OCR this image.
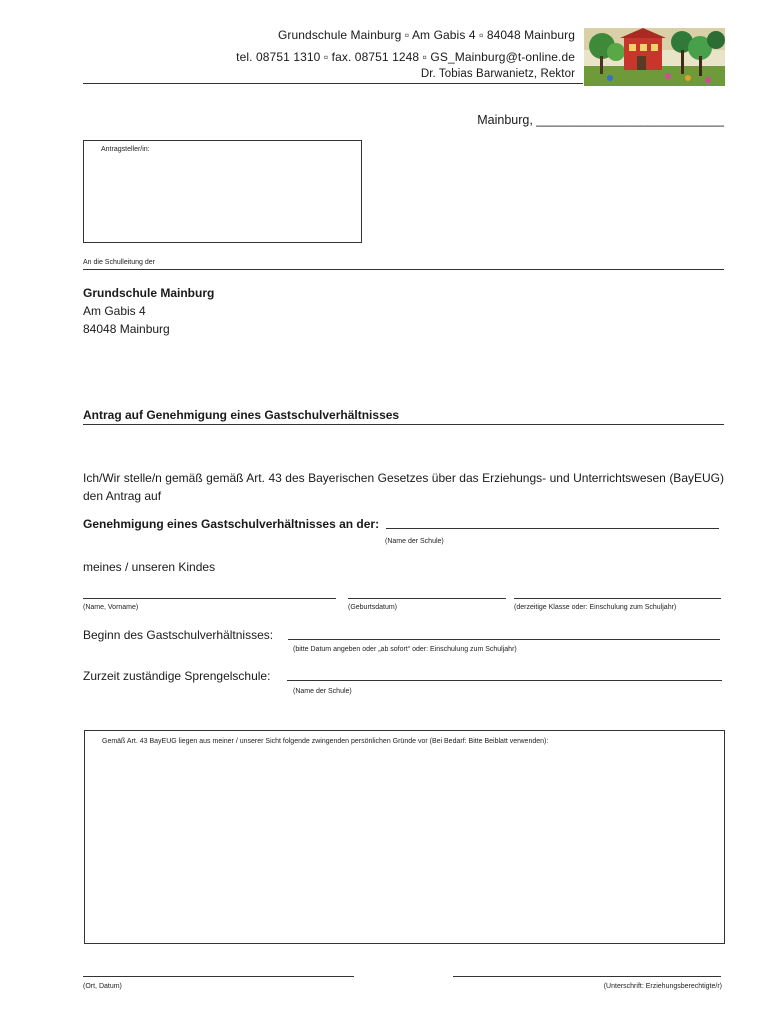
Grundschule Mainburg ▫ Am Gabis 4 ▫ 84048 Mainburg
tel. 08751 1310 ▫ fax. 08751 1248 ▫ GS_Mainburg@t-online.de
Dr. Tobias Barwanietz, Rektor
Mainburg, ___________________________
Antragsteller/in:
An die Schulleitung der
Grundschule Mainburg
Am Gabis 4
84048 Mainburg
Antrag auf Genehmigung eines Gastschulverhältnisses
Ich/Wir stelle/n gemäß gemäß Art. 43 des Bayerischen Gesetzes über das Erziehungs- und Unterrichtswesen (BayEUG) den Antrag auf
Genehmigung eines Gastschulverhältnisses an der:
(Name der Schule)
meines / unseren Kindes
(Name, Vorname)	(Geburtsdatum)	(derzeitige Klasse oder: Einschulung zum Schuljahr)
Beginn des Gastschulverhältnisses:
(bitte Datum angeben oder „ab sofort“ oder: Einschulung zum Schuljahr)
Zurzeit zuständige Sprengelschule:
(Name der Schule)
Gemäß Art. 43 BayEUG liegen aus meiner / unserer Sicht folgende zwingenden persönlichen Gründe vor (Bei Bedarf: Bitte Beiblatt verwenden):
(Ort, Datum)	(Unterschrift: Erziehungsberechtigte/r)
